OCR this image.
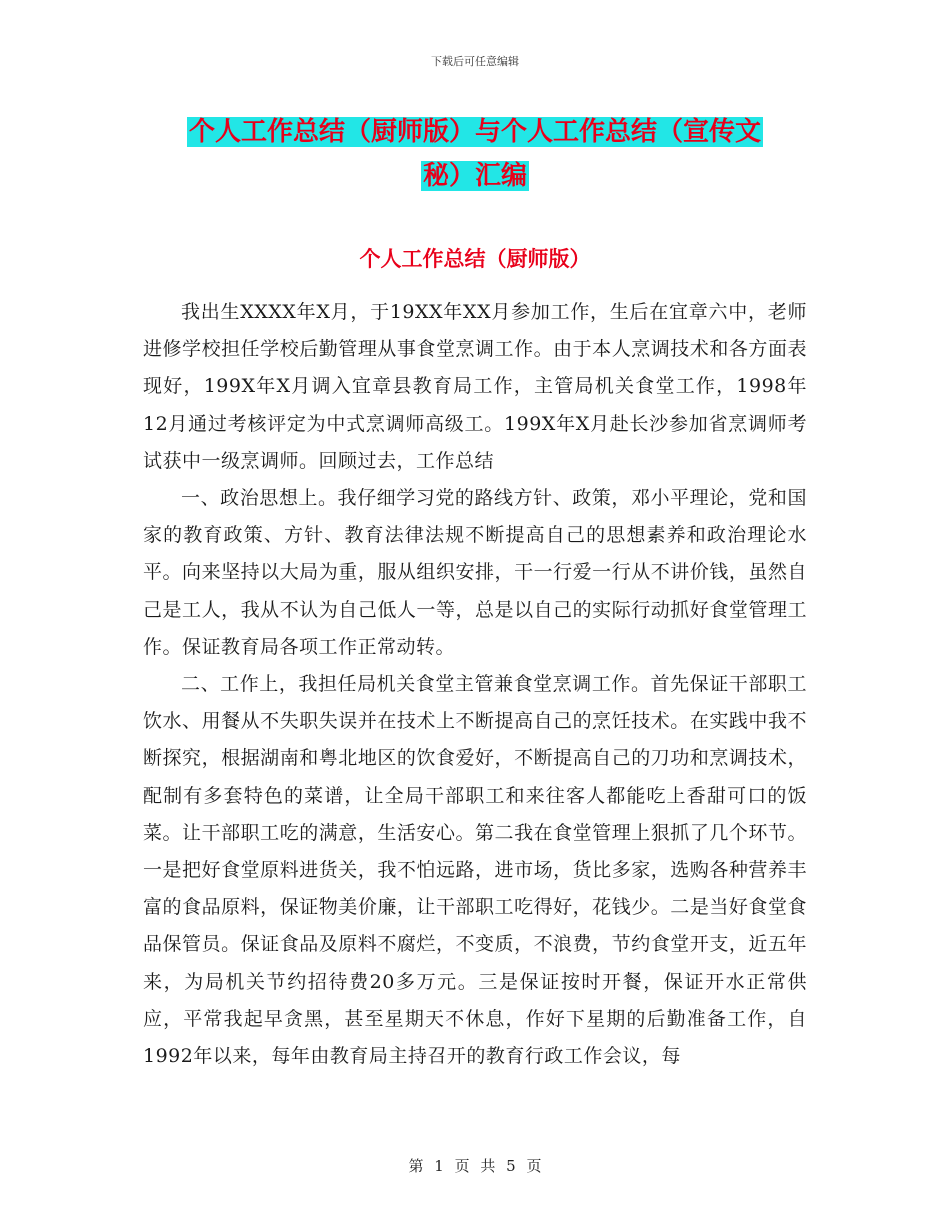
下载后可任意编辑
个人工作总结（厨师版）与个人工作总结（宣传文
秘）汇编
个人工作总结（厨师版）

我出生XXXX年X月，于19XX年XX月参加工作，生后在宜章六中，老师进修学校担任学校后勤管理从事食堂烹调工作。由于本人烹调技术和各方面表现好，199X年X月调入宜章县教育局工作，主管局机关食堂工作，1998年12月通过考核评定为中式烹调师高级工。199X年X月赴长沙参加省烹调师考试获中一级烹调师。回顾过去，工作总结

一、政治思想上。我仔细学习党的路线方针、政策，邓小平理论，党和国家的教育政策、方针、教育法律法规不断提高自己的思想素养和政治理论水平。向来坚持以大局为重，服从组织安排，干一行爱一行从不讲价钱，虽然自己是工人，我从不认为自己低人一等，总是以自己的实际行动抓好食堂管理工作。保证教育局各项工作正常动转。

二、工作上，我担任局机关食堂主管兼食堂烹调工作。首先保证干部职工饮水、用餐从不失职失误并在技术上不断提高自己的烹饪技术。在实践中我不断探究，根据湖南和粤北地区的饮食爱好，不断提高自己的刀功和烹调技术，配制有多套特色的菜谱，让全局干部职工和来往客人都能吃上香甜可口的饭菜。让干部职工吃的满意，生活安心。第二我在食堂管理上狠抓了几个环节。一是把好食堂原料进货关，我不怕远路，进市场，货比多家，选购各种营养丰富的食品原料，保证物美价廉，让干部职工吃得好，花钱少。二是当好食堂食品保管员。保证食品及原料不腐烂，不变质，不浪费，节约食堂开支，近五年来，为局机关节约招待费20多万元。三是保证按时开餐，保证开水正常供应，平常我起早贪黑，甚至星期天不休息，作好下星期的后勤准备工作，自1992年以来，每年由教育局主持召开的教育行政工作会议，每

第 1 页 共 5 页
